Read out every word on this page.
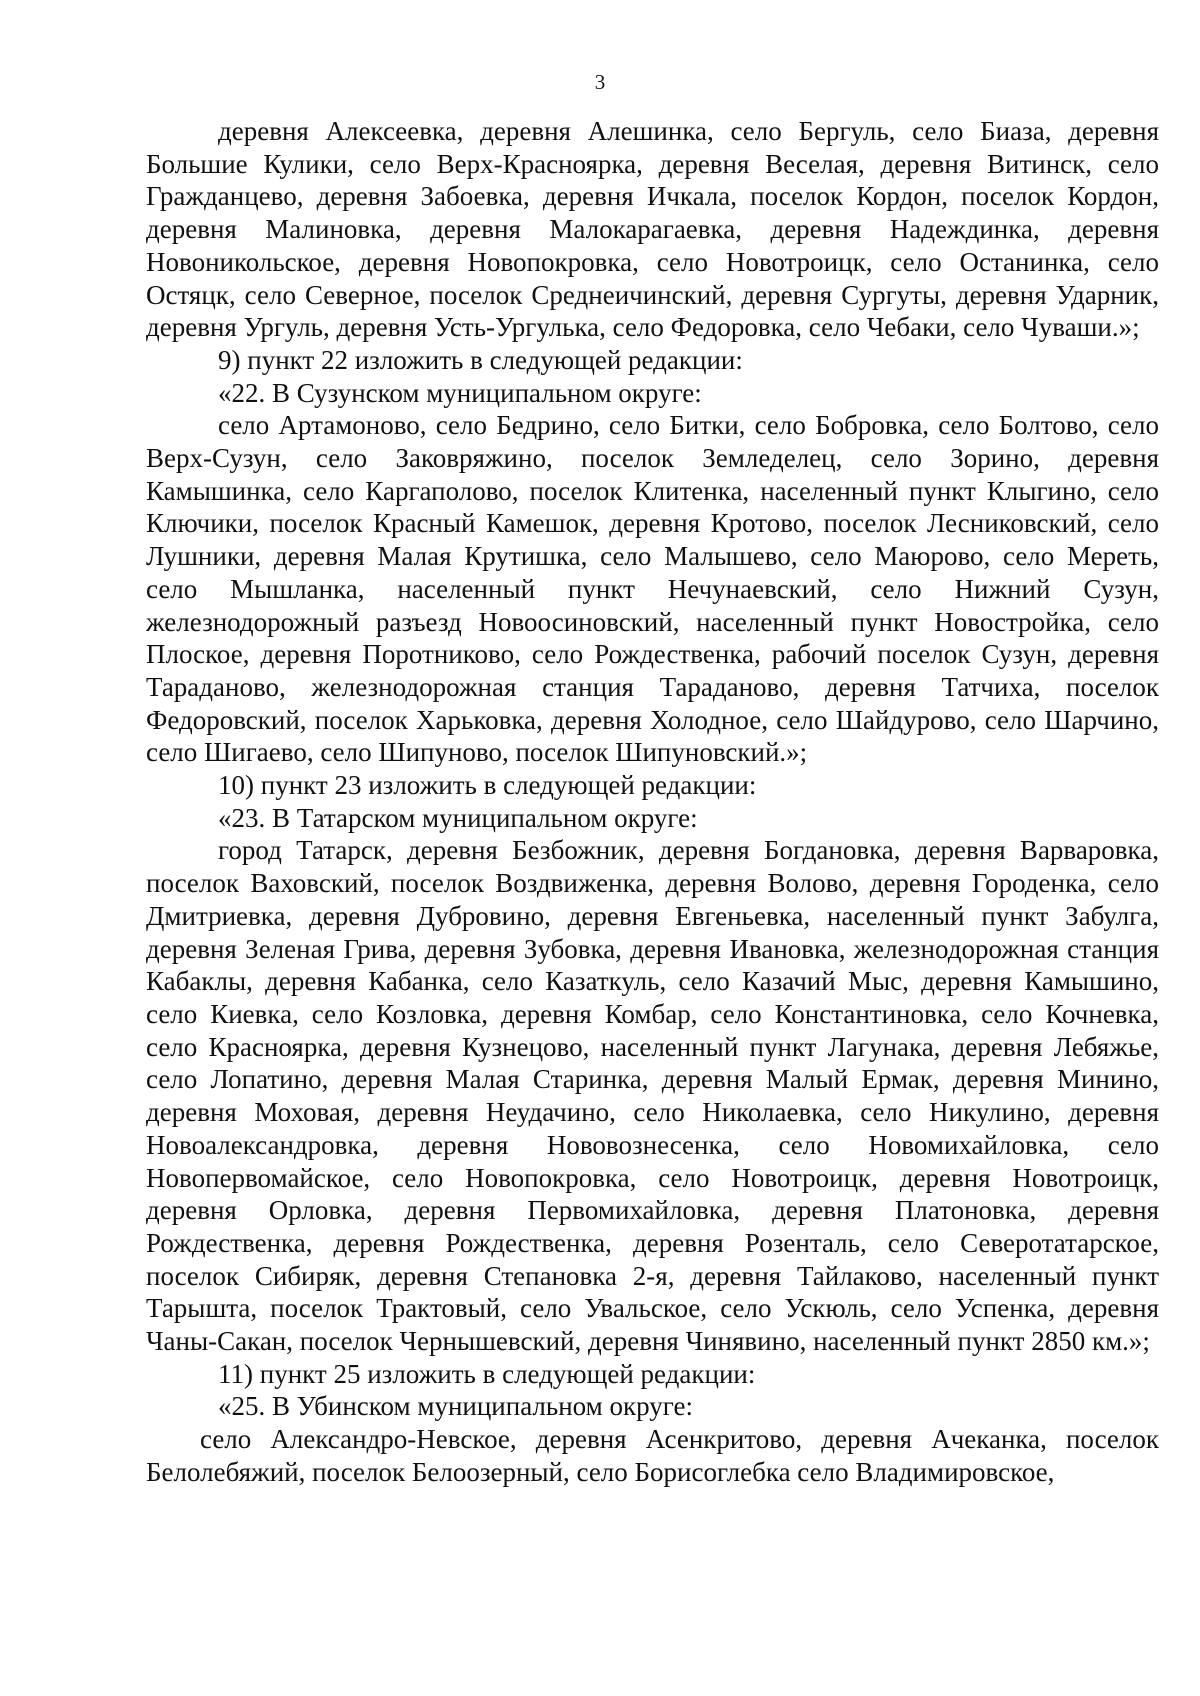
3

деревня Алексеевка, деревня Алешинка, село Бергуль, село Биаза, деревня Большие Кулики, село Верх-Красноярка, деревня Веселая, деревня Витинск, село Гражданцево, деревня Забоевка, деревня Ичкала, поселок Кордон, поселок Кордон, деревня Малиновка, деревня Малокарагаевка, деревня Надеждинка, деревня Новоникольское, деревня Новопокровка, село Новотроицк, село Останинка, село Остяцк, село Северное, поселок Среднеичинский, деревня Сургуты, деревня Ударник, деревня Ургуль, деревня Усть-Ургулька, село Федоровка, село Чебаки, село Чуваши.»;

9) пункт 22 изложить в следующей редакции:

«22. В Сузунском муниципальном округе:

село Артамоново, село Бедрино, село Битки, село Бобровка, село Болтово, село Верх-Сузун, село Заковряжино, поселок Земледелец, село Зорино, деревня Камышинка, село Каргаполово, поселок Клитенка, населенный пункт Клыгино, село Ключики, поселок Красный Камешок, деревня Кротово, поселок Лесниковский, село Лушники, деревня Малая Крутишка, село Малышево, село Маюрово, село Мереть, село Мышланка, населенный пункт Нечунаевский, село Нижний Сузун, железнодорожный разъезд Новоосиновский, населенный пункт Новостройка, село Плоское, деревня Поротниково, село Рождественка, рабочий поселок Сузун, деревня Тараданово, железнодорожная станция Тараданово, деревня Татчиха, поселок Федоровский, поселок Харьковка, деревня Холодное, село Шайдурово, село Шарчино, село Шигаево, село Шипуново, поселок Шипуновский.»;

10) пункт 23 изложить в следующей редакции:

«23. В Татарском муниципальном округе:

город Татарск, деревня Безбожник, деревня Богдановка, деревня Варваровка, поселок Ваховский, поселок Воздвиженка, деревня Волово, деревня Городенка, село Дмитриевка, деревня Дубровино, деревня Евгеньевка, населенный пункт Забулга, деревня Зеленая Грива, деревня Зубовка, деревня Ивановка, железнодорожная станция Кабаклы, деревня Кабанка, село Казаткуль, село Казачий Мыс, деревня Камышино, село Киевка, село Козловка, деревня Комбар, село Константиновка, село Кочневка, село Красноярка, деревня Кузнецово, населенный пункт Лагунака, деревня Лебяжье, село Лопатино, деревня Малая Старинка, деревня Малый Ермак, деревня Минино, деревня Моховая, деревня Неудачино, село Николаевка, село Никулино, деревня Новоалександровка, деревня Нововознесенка, село Новомихайловка, село Новопервомайское, село Новопокровка, село Новотроицк, деревня Новотроицк, деревня Орловка, деревня Первомихайловка, деревня Платоновка, деревня Рождественка, деревня Рождественка, деревня Розенталь, село Северотатарское, поселок Сибиряк, деревня Степановка 2-я, деревня Тайлаково, населенный пункт Тарышта, поселок Трактовый, село Увальское, село Ускюль, село Успенка, деревня Чаны-Сакан, поселок Чернышевский, деревня Чинявино, населенный пункт 2850 км.»;

11) пункт 25 изложить в следующей редакции:

«25. В Убинском муниципальном округе:

село Александро-Невское, деревня Асенкритово, деревня Ачеканка, поселок Белолебяжий, поселок Белоозерный, село Борисоглебка село Владимировское,
